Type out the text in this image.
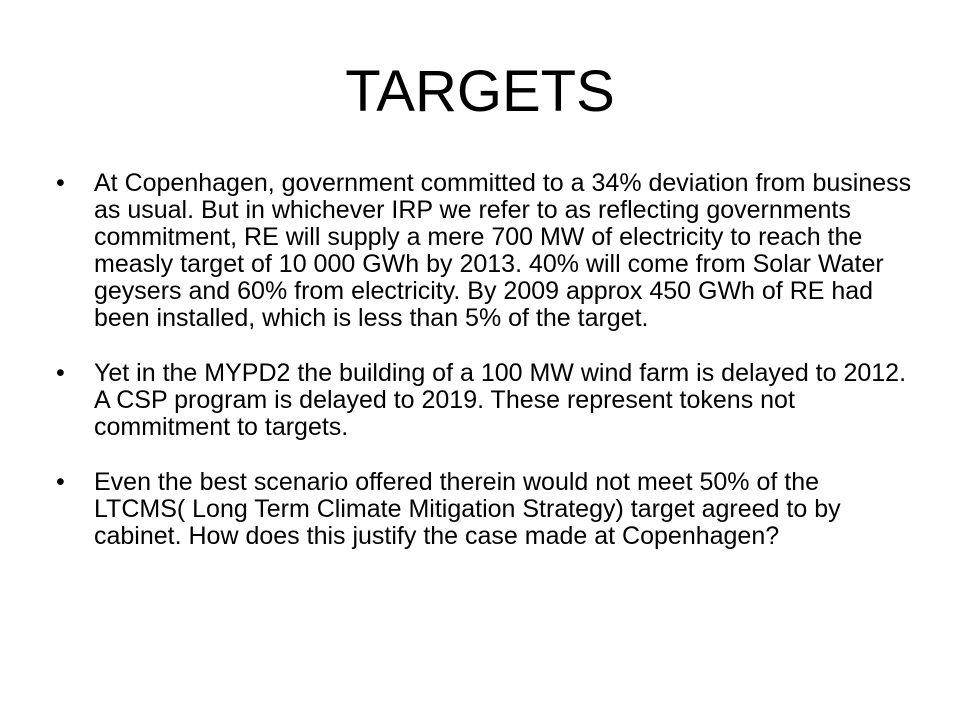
TARGETS
•	At Copenhagen, government committed to a 34% deviation from business as usual. But in whichever IRP we refer to as reflecting governments commitment, RE will supply a mere 700 MW of electricity to reach the measly target of 10 000 GWh by 2013. 40% will come from Solar Water geysers and 60% from electricity. By 2009 approx 450 GWh of RE had been installed, which is less than 5% of the target.
•	Yet in the MYPD2 the building of a 100 MW wind farm is delayed to 2012. A CSP program is delayed to 2019. These represent tokens not commitment to targets.
•	Even the best scenario offered therein would not meet 50% of the LTCMS( Long Term Climate Mitigation Strategy) target agreed to by cabinet. How does this justify the case made at Copenhagen?
